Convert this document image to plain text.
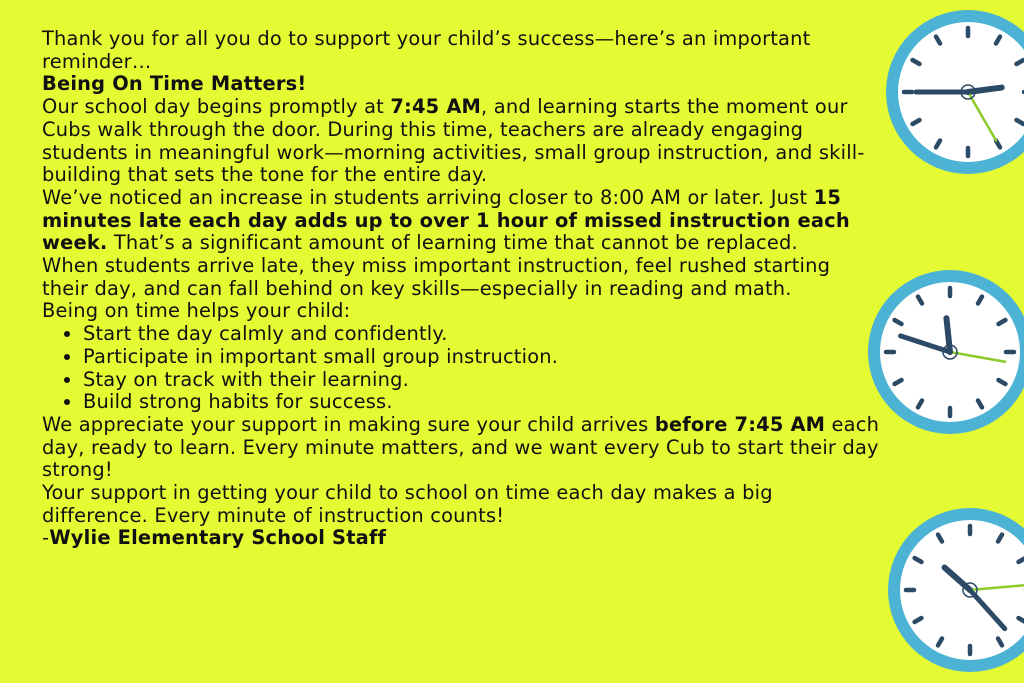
Thank you for all you do to support your child’s success—here’s an important reminder…

Being On Time Matters!

Our school day begins promptly at 7:45 AM, and learning starts the moment our Cubs walk through the door. During this time, teachers are already engaging students in meaningful work—morning activities, small group instruction, and skill-building that sets the tone for the entire day.

We’ve noticed an increase in students arriving closer to 8:00 AM or later. Just 15 minutes late each day adds up to over 1 hour of missed instruction each week. That’s a significant amount of learning time that cannot be replaced.

When students arrive late, they miss important instruction, feel rushed starting their day, and can fall behind on key skills—especially in reading and math.

Being on time helps your child:

• Start the day calmly and confidently.
• Participate in important small group instruction.
• Stay on track with their learning.
• Build strong habits for success.

We appreciate your support in making sure your child arrives before 7:45 AM each day, ready to learn. Every minute matters, and we want every Cub to start their day strong!

Your support in getting your child to school on time each day makes a big difference. Every minute of instruction counts!

-Wylie Elementary School Staff
